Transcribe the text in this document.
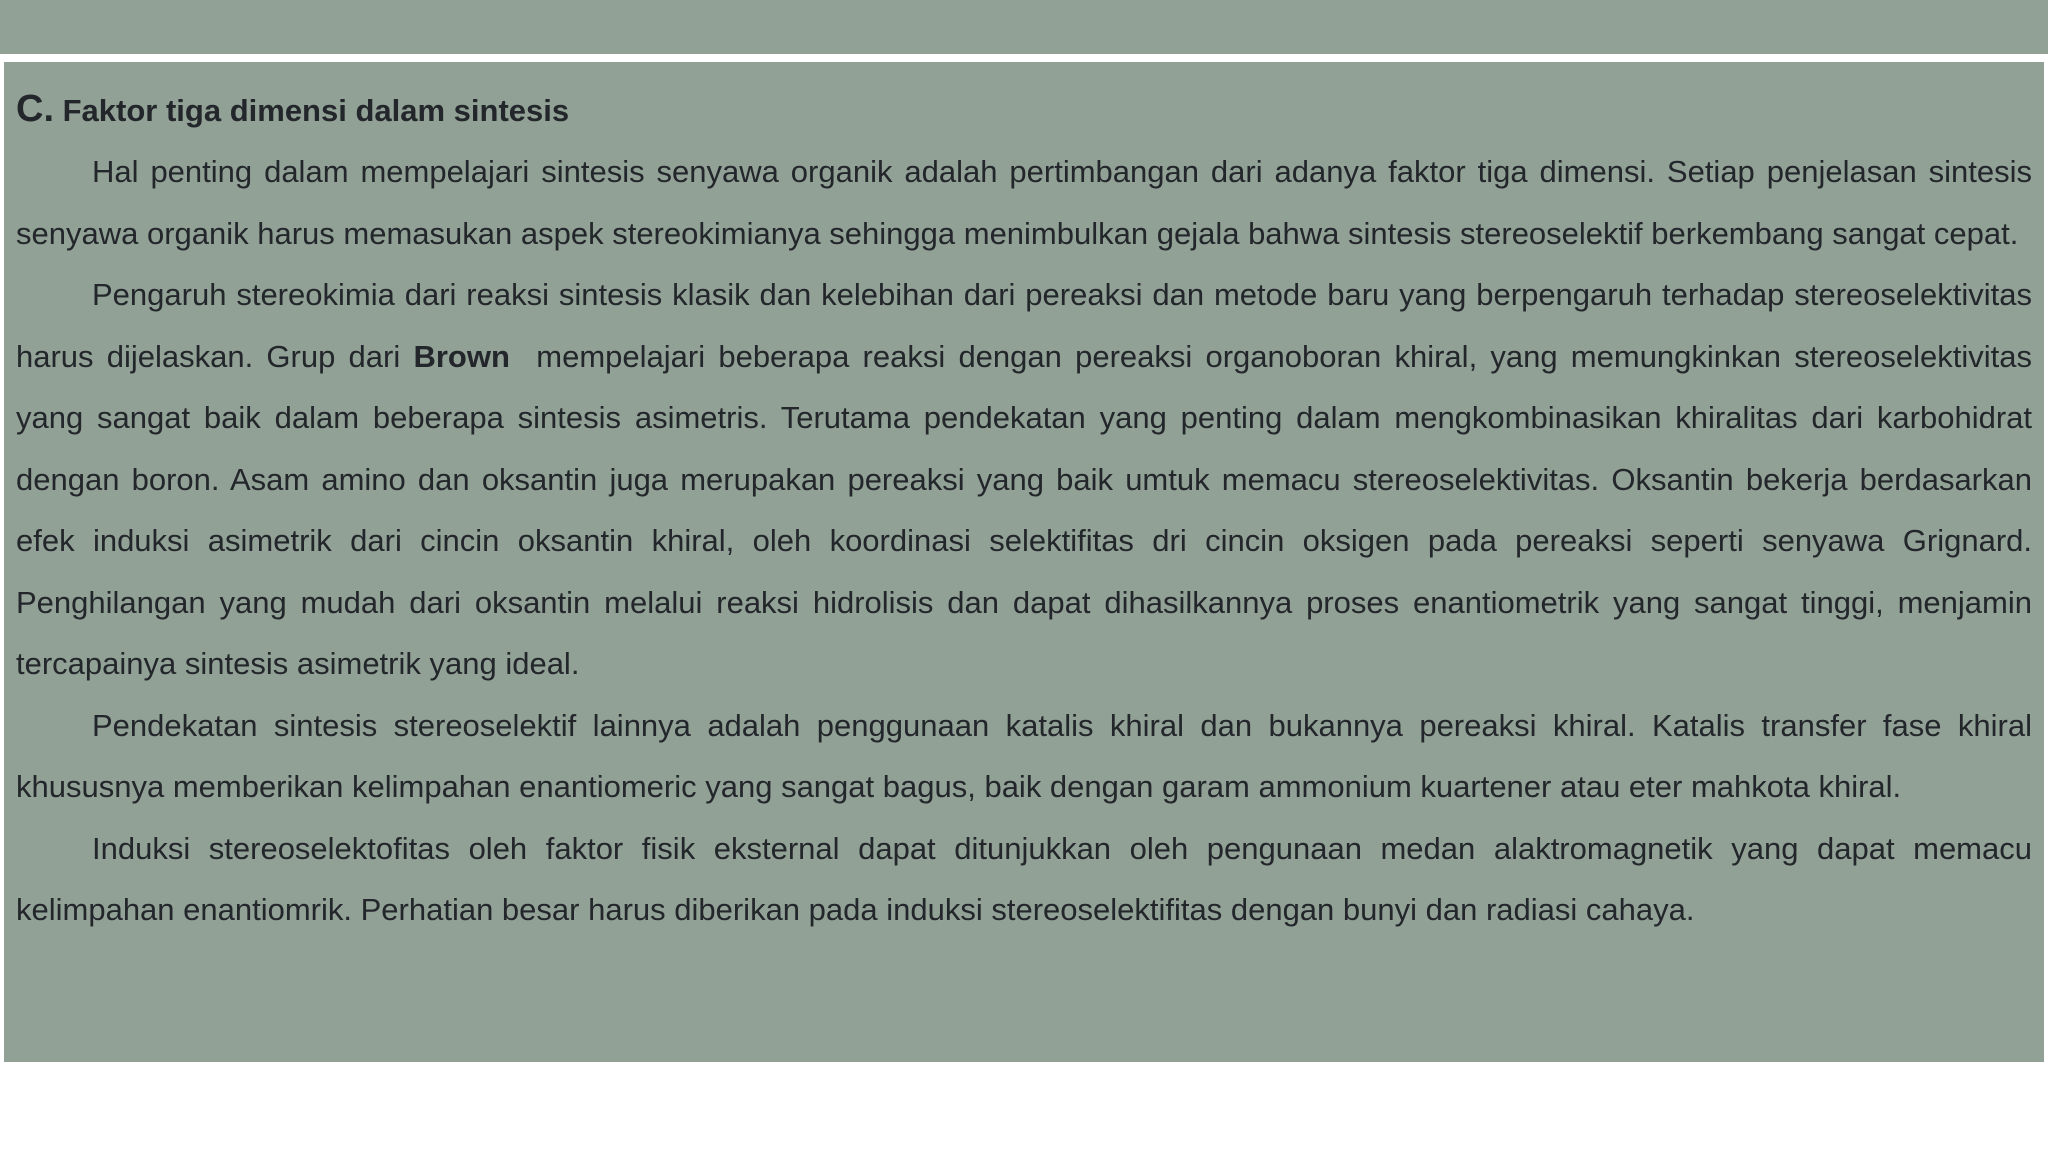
C. Faktor tiga dimensi dalam sintesis

Hal penting dalam mempelajari sintesis senyawa organik adalah pertimbangan dari adanya faktor tiga dimensi. Setiap penjelasan sintesis senyawa organik harus memasukan aspek stereokimianya sehingga menimbulkan gejala bahwa sintesis stereoselektif berkembang sangat cepat.

Pengaruh stereokimia dari reaksi sintesis klasik dan kelebihan dari pereaksi dan metode baru yang berpengaruh terhadap stereoselektivitas harus dijelaskan. Grup dari Brown  mempelajari beberapa reaksi dengan pereaksi organoboran khiral, yang memungkinkan stereoselektivitas yang sangat baik dalam beberapa sintesis asimetris. Terutama pendekatan yang penting dalam mengkombinasikan khiralitas dari karbohidrat dengan boron. Asam amino dan oksantin juga merupakan pereaksi yang baik umtuk memacu stereoselektivitas. Oksantin bekerja berdasarkan efek induksi asimetrik dari cincin oksantin khiral, oleh koordinasi selektifitas dri cincin oksigen pada pereaksi seperti senyawa Grignard. Penghilangan yang mudah dari oksantin melalui reaksi hidrolisis dan dapat dihasilkannya proses enantiometrik yang sangat tinggi, menjamin tercapainya sintesis asimetrik yang ideal.

Pendekatan sintesis stereoselektif lainnya adalah penggunaan katalis khiral dan bukannya pereaksi khiral. Katalis transfer fase khiral khususnya memberikan kelimpahan enantiomeric yang sangat bagus, baik dengan garam ammonium kuartener atau eter mahkota khiral.

Induksi stereoselektofitas oleh faktor fisik eksternal dapat ditunjukkan oleh pengunaan medan alaktromagnetik yang dapat memacu kelimpahan enantiomrik. Perhatian besar harus diberikan pada induksi stereoselektifitas dengan bunyi dan radiasi cahaya.
